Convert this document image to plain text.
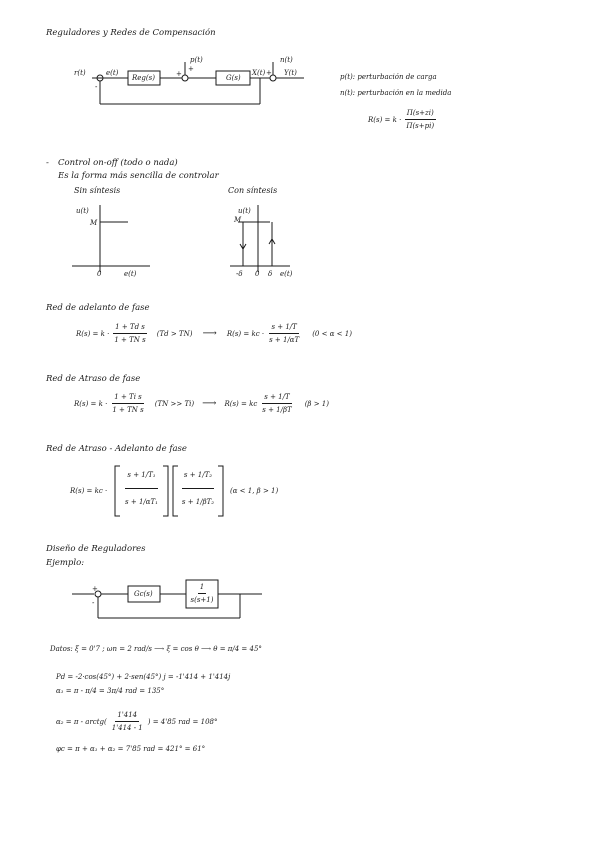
Reguladores y Redes de Compensación
r(t)	e(t)
-
Reg(s)
p(t)
+
+
G(s)
X(t) +
n(t)
Y(t)	p(t): perturbación de carga
n(t): perturbación en la medida
$R(s) = k \cdot \frac{\Pi(s+zi)}{\Pi(s+pi)}$
- Control on-off (todo o nada)
Es la forma más sencilla de controlar
Sin síntesis	Con síntesis
u(t)
M
0	e(t)
u(t)
M
-δ 0 δ e(t)
Red de adelanto de fase
$R(s) = k \cdot \frac{\text{1 + Td s}}{\text{1 + TN s}} (Td > TN)$ ⟶ R(s) = kc · $\frac{s + 1/T}{s + 1/\alpha T} (0 < \alpha < 1)$
Red de Atraso de fase
$R(s) = k \cdot \frac{\text{1 + Ti s}}{\text{1 + TN s}} (TN >> Ti)$ ⟶ R(s) = kc $\frac{s + 1/T}{s + 1/\beta T} (\beta > 1)$
Red de Atraso - Adelanto de fase
R(s) = kc · $\frac{\text{s + 1/T₁}}{\text{s + 1/αT₁}}$	$\frac{\text{s + 1/T₂}}{\text{s + 1/βT₂}} (\alpha < 1$, β > 1)
Diseño de Reguladores
Ejemplo:
+
-
Gc(s)	$\frac{1}{s(s+1)}$
Datos: ξ = 0'7 ; ωn = 2 rad/s ⟶ ξ = cos θ ⟶ θ = π/4 = 45°
Pd = -2·cos(45°) + 2·sen(45°) j = -1'414 + 1'414j
α₁ = π - π/4 = 3π/4 rad = 135°
α₂ = π - arctg( $\frac{1'414}{1'414 - 1}$ ) = 4'85 rad = 108°
φc = π + α₁ + α₂ = 7'85 rad = 421° = 61°
